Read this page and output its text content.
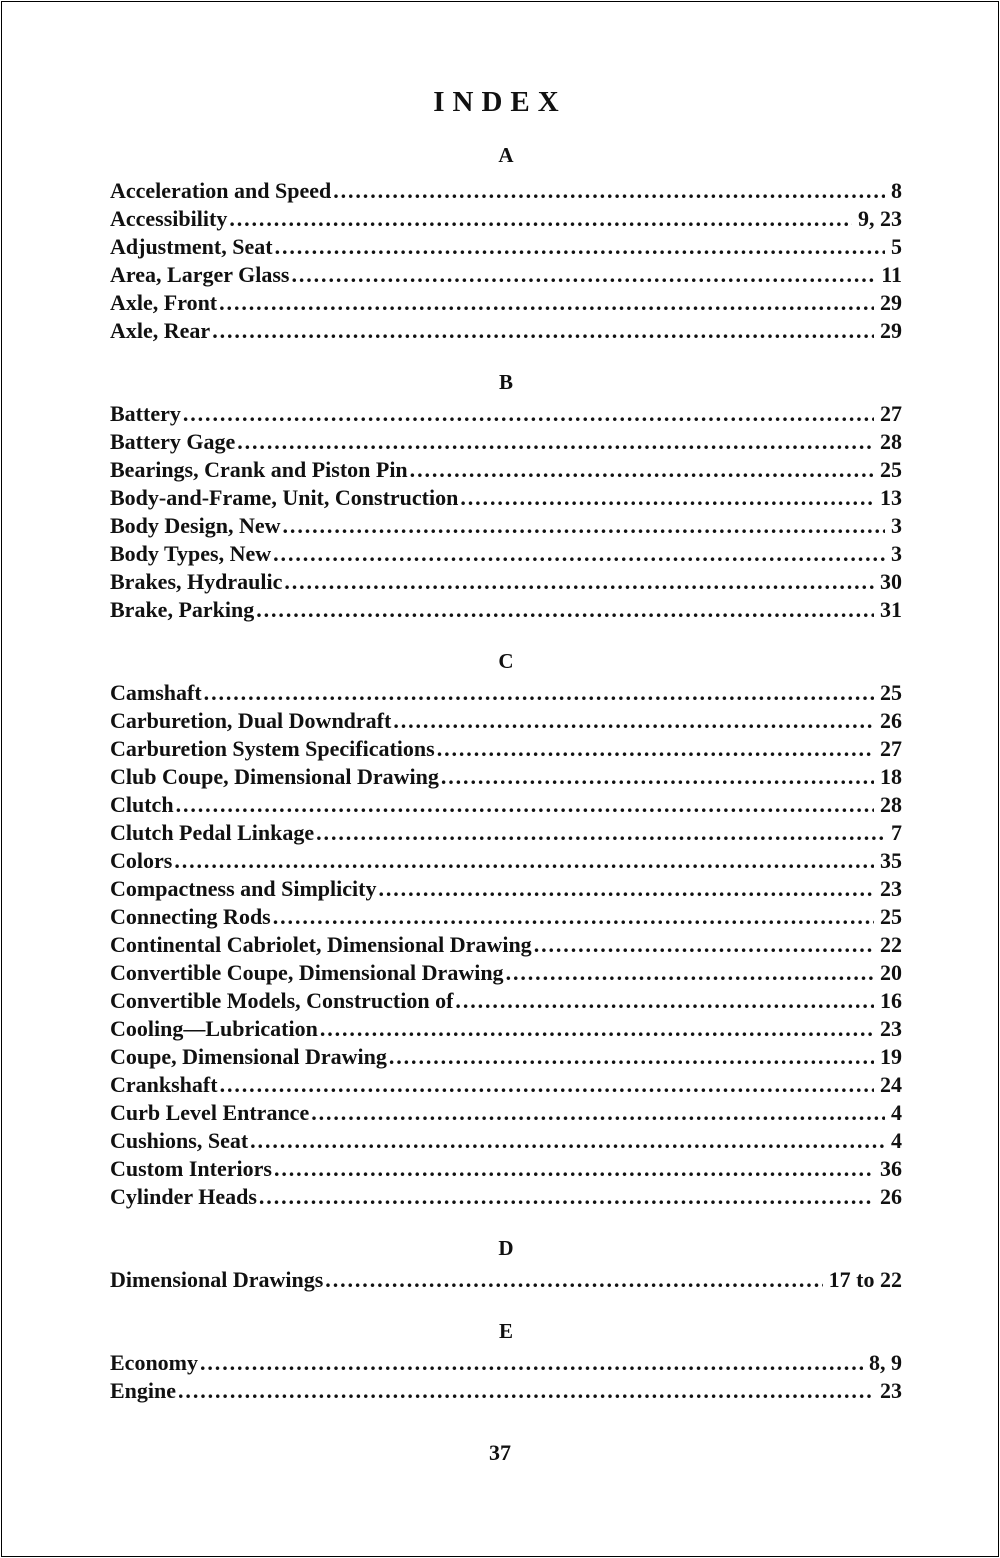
INDEX
A
Acceleration and Speed . . .	8
Accessibility . . .	9, 23
Adjustment, Seat . . .	5
Area, Larger Glass . . .	11
Axle, Front . . .	29
Axle, Rear . . .	29
B
Battery . . .	27
Battery Gage . . .	28
Bearings, Crank and Piston Pin . . .	25
Body-and-Frame, Unit, Construction . . .	13
Body Design, New . . .	3
Body Types, New . . .	3
Brakes, Hydraulic . . .	30
Brake, Parking . . .	31
C
Camshaft . . .	25
Carburetion, Dual Downdraft . . .	26
Carburetion System Specifications . . .	27
Club Coupe, Dimensional Drawing . . .	18
Clutch . . .	28
Clutch Pedal Linkage . . .	7
Colors . . .	35
Compactness and Simplicity . . .	23
Connecting Rods . . .	25
Continental Cabriolet, Dimensional Drawing . . .	22
Convertible Coupe, Dimensional Drawing . . .	20
Convertible Models, Construction of . . .	16
Cooling—Lubrication . . .	23
Coupe, Dimensional Drawing . . .	19
Crankshaft . . .	24
Curb Level Entrance . . .	4
Cushions, Seat . . .	4
Custom Interiors . . .	36
Cylinder Heads . . .	26
D
Dimensional Drawings . . .	17 to 22
E
Economy . . .	8, 9
Engine . . .	23
37
